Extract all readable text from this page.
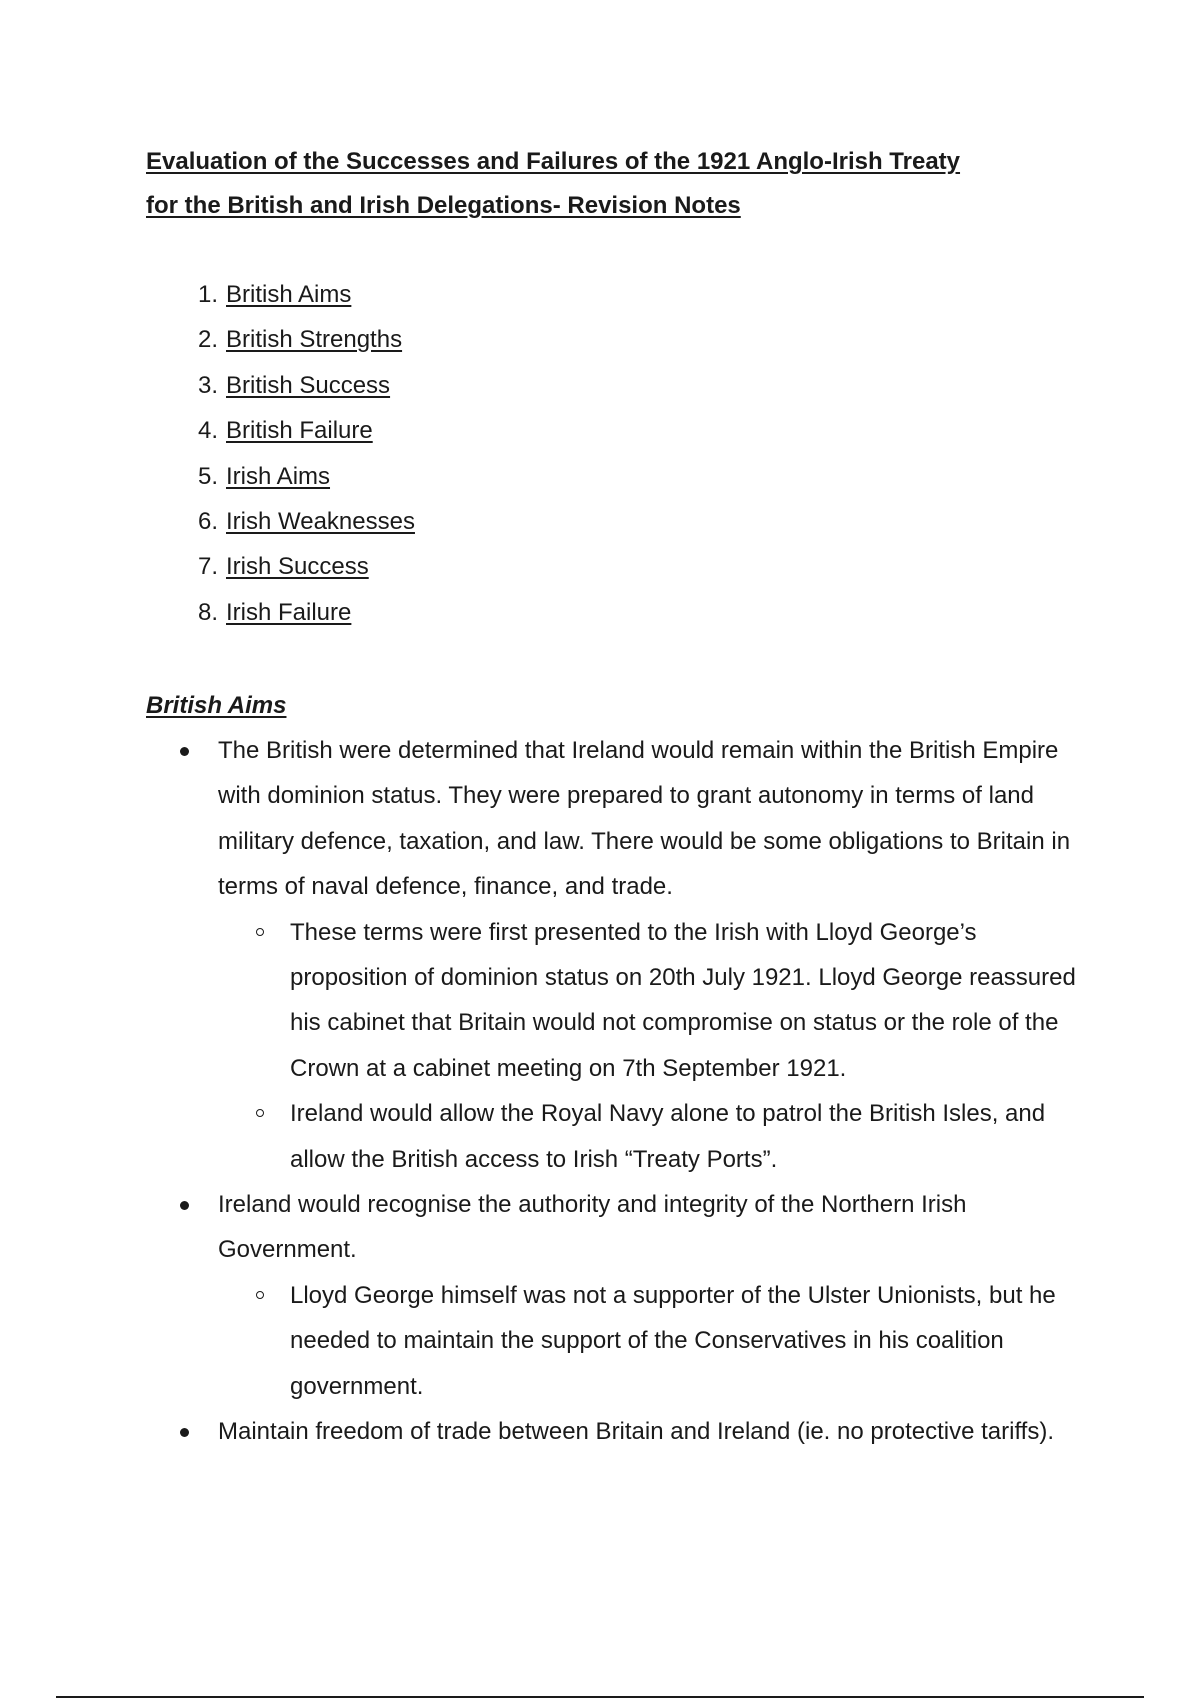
Evaluation of the Successes and Failures of the 1921 Anglo-Irish Treaty
for the British and Irish Delegations- Revision Notes
1. British Aims
2. British Strengths
3. British Success
4. British Failure
5. Irish Aims
6. Irish Weaknesses
7. Irish Success
8. Irish Failure
British Aims
The British were determined that Ireland would remain within the British Empire with dominion status. They were prepared to grant autonomy in terms of land military defence, taxation, and law. There would be some obligations to Britain in terms of naval defence, finance, and trade.
These terms were first presented to the Irish with Lloyd George’s proposition of dominion status on 20th July 1921. Lloyd George reassured his cabinet that Britain would not compromise on status or the role of the Crown at a cabinet meeting on 7th September 1921.
Ireland would allow the Royal Navy alone to patrol the British Isles, and allow the British access to Irish “Treaty Ports”.
Ireland would recognise the authority and integrity of the Northern Irish Government.
Lloyd George himself was not a supporter of the Ulster Unionists, but he needed to maintain the support of the Conservatives in his coalition government.
Maintain freedom of trade between Britain and Ireland (ie. no protective tariffs).
